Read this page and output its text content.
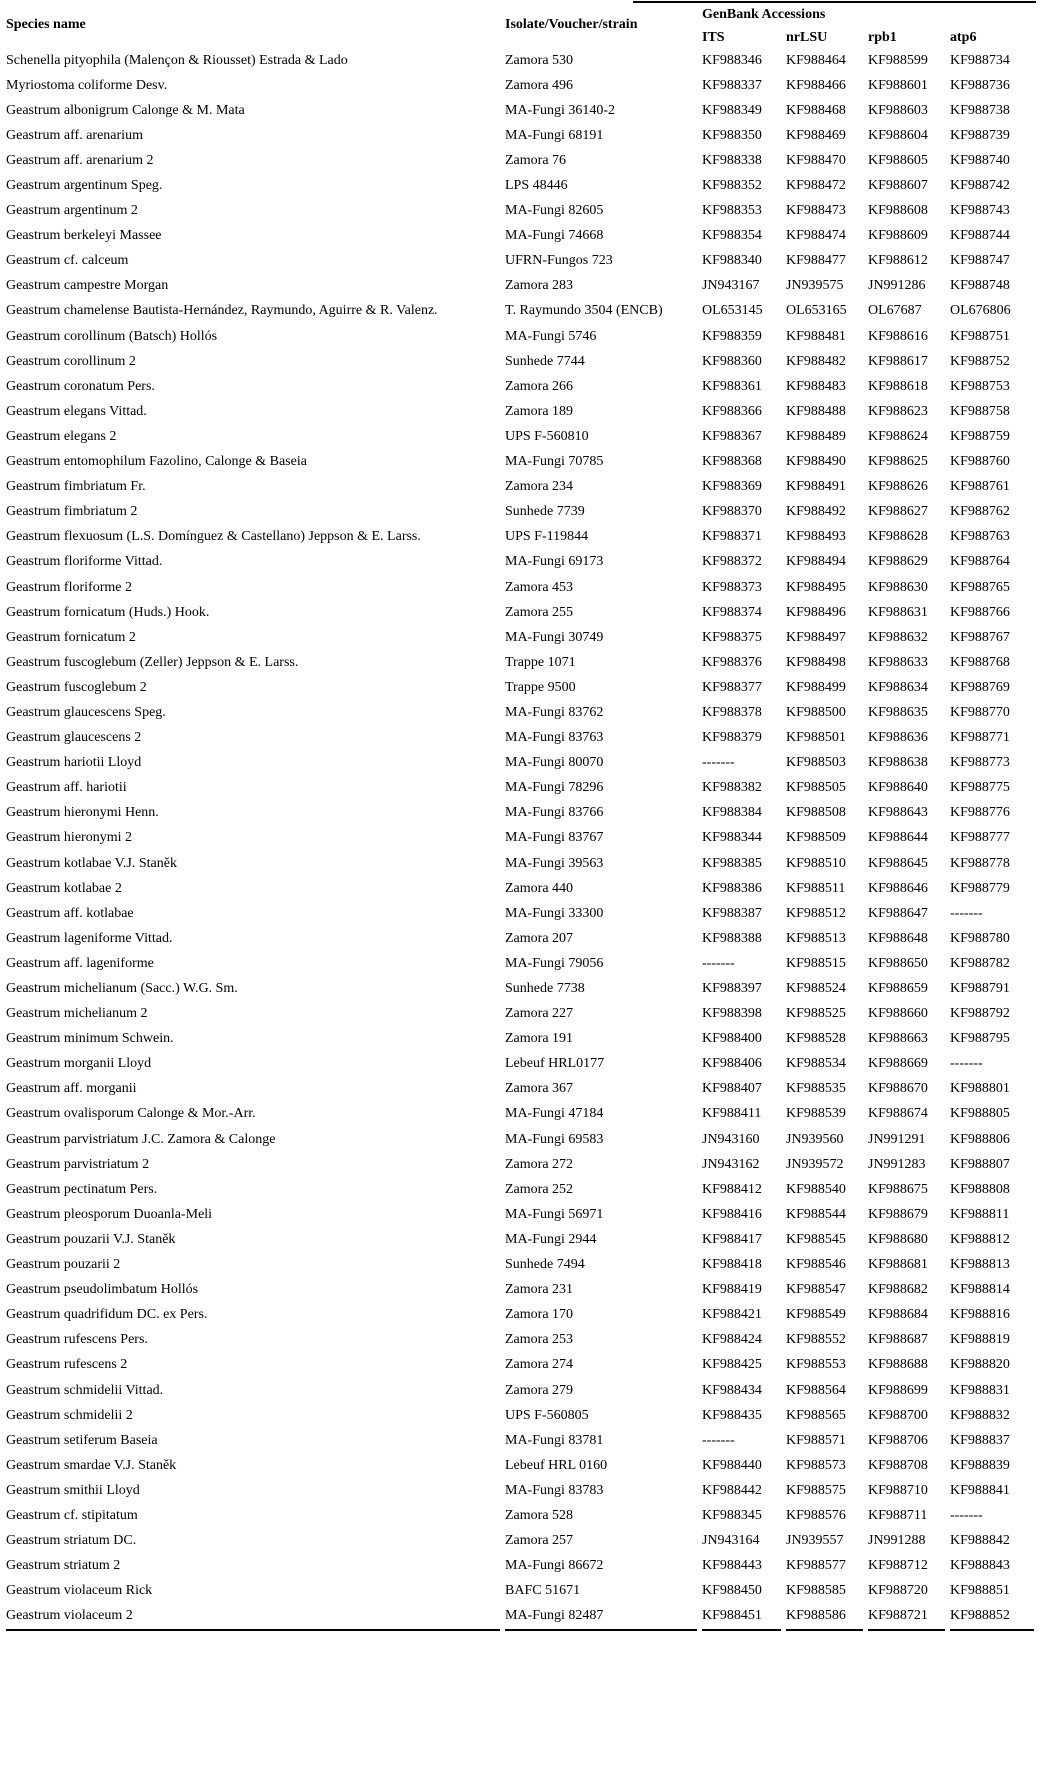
Species name	Isolate/Voucher/strain
GenBank Accessions
ITS	nrLSU	rpb1	atp6
Schenella pityophila (Malençon & Riousset) Estrada & Lado	Zamora 530	KF988346	KF988464	KF988599	KF988734
Myriostoma coliforme Desv.	Zamora 496	KF988337	KF988466	KF988601	KF988736
Geastrum albonigrum Calonge & M. Mata	MA-Fungi 36140-2	KF988349	KF988468	KF988603	KF988738
Geastrum aff. arenarium	MA-Fungi 68191	KF988350	KF988469	KF988604	KF988739
Geastrum aff. arenarium 2	Zamora 76	KF988338	KF988470	KF988605	KF988740
Geastrum argentinum Speg.	LPS 48446	KF988352	KF988472	KF988607	KF988742
Geastrum argentinum 2	MA-Fungi 82605	KF988353	KF988473	KF988608	KF988743
Geastrum berkeleyi Massee	MA-Fungi 74668	KF988354	KF988474	KF988609	KF988744
Geastrum cf. calceum	UFRN-Fungos 723	KF988340	KF988477	KF988612	KF988747
Geastrum campestre Morgan	Zamora 283	JN943167	JN939575	JN991286	KF988748
Geastrum chamelense Bautista-Hernández, Raymundo, Aguirre & R. Valenz.	T. Raymundo 3504 (ENCB)	OL653145	OL653165	OL67687	OL676806
Geastrum corollinum (Batsch) Hollós	MA-Fungi 5746	KF988359	KF988481	KF988616	KF988751
Geastrum corollinum 2	Sunhede 7744	KF988360	KF988482	KF988617	KF988752
Geastrum coronatum Pers.	Zamora 266	KF988361	KF988483	KF988618	KF988753
Geastrum elegans Vittad.	Zamora 189	KF988366	KF988488	KF988623	KF988758
Geastrum elegans 2	UPS F-560810	KF988367	KF988489	KF988624	KF988759
Geastrum entomophilum Fazolino, Calonge & Baseia	MA-Fungi 70785	KF988368	KF988490	KF988625	KF988760
Geastrum fimbriatum Fr.	Zamora 234	KF988369	KF988491	KF988626	KF988761
Geastrum fimbriatum 2	Sunhede 7739	KF988370	KF988492	KF988627	KF988762
Geastrum flexuosum (L.S. Domínguez & Castellano) Jeppson & E. Larss.	UPS F-119844	KF988371	KF988493	KF988628	KF988763
Geastrum floriforme Vittad.	MA-Fungi 69173	KF988372	KF988494	KF988629	KF988764
Geastrum floriforme 2	Zamora 453	KF988373	KF988495	KF988630	KF988765
Geastrum fornicatum (Huds.) Hook.	Zamora 255	KF988374	KF988496	KF988631	KF988766
Geastrum fornicatum 2	MA-Fungi 30749	KF988375	KF988497	KF988632	KF988767
Geastrum fuscoglebum (Zeller) Jeppson & E. Larss.	Trappe 1071	KF988376	KF988498	KF988633	KF988768
Geastrum fuscoglebum 2	Trappe 9500	KF988377	KF988499	KF988634	KF988769
Geastrum glaucescens Speg.	MA-Fungi 83762	KF988378	KF988500	KF988635	KF988770
Geastrum glaucescens 2	MA-Fungi 83763	KF988379	KF988501	KF988636	KF988771
Geastrum hariotii Lloyd	MA-Fungi 80070	-------	KF988503	KF988638	KF988773
Geastrum aff. hariotii	MA-Fungi 78296	KF988382	KF988505	KF988640	KF988775
Geastrum hieronymi Henn.	MA-Fungi 83766	KF988384	KF988508	KF988643	KF988776
Geastrum hieronymi 2	MA-Fungi 83767	KF988344	KF988509	KF988644	KF988777
Geastrum kotlabae V.J. Staněk	MA-Fungi 39563	KF988385	KF988510	KF988645	KF988778
Geastrum kotlabae 2	Zamora 440	KF988386	KF988511	KF988646	KF988779
Geastrum aff. kotlabae	MA-Fungi 33300	KF988387	KF988512	KF988647	-------
Geastrum lageniforme Vittad.	Zamora 207	KF988388	KF988513	KF988648	KF988780
Geastrum aff. lageniforme	MA-Fungi 79056	-------	KF988515	KF988650	KF988782
Geastrum michelianum (Sacc.) W.G. Sm.	Sunhede 7738	KF988397	KF988524	KF988659	KF988791
Geastrum michelianum 2	Zamora 227	KF988398	KF988525	KF988660	KF988792
Geastrum minimum Schwein.	Zamora 191	KF988400	KF988528	KF988663	KF988795
Geastrum morganii Lloyd	Lebeuf HRL0177	KF988406	KF988534	KF988669	-------
Geastrum aff. morganii	Zamora 367	KF988407	KF988535	KF988670	KF988801
Geastrum ovalisporum Calonge & Mor.-Arr.	MA-Fungi 47184	KF988411	KF988539	KF988674	KF988805
Geastrum parvistriatum J.C. Zamora & Calonge	MA-Fungi 69583	JN943160	JN939560	JN991291	KF988806
Geastrum parvistriatum 2	Zamora 272	JN943162	JN939572	JN991283	KF988807
Geastrum pectinatum Pers.	Zamora 252	KF988412	KF988540	KF988675	KF988808
Geastrum pleosporum Duoanla-Meli	MA-Fungi 56971	KF988416	KF988544	KF988679	KF988811
Geastrum pouzarii V.J. Staněk	MA-Fungi 2944	KF988417	KF988545	KF988680	KF988812
Geastrum pouzarii 2	Sunhede 7494	KF988418	KF988546	KF988681	KF988813
Geastrum pseudolimbatum Hollós	Zamora 231	KF988419	KF988547	KF988682	KF988814
Geastrum quadrifidum DC. ex Pers.	Zamora 170	KF988421	KF988549	KF988684	KF988816
Geastrum rufescens Pers.	Zamora 253	KF988424	KF988552	KF988687	KF988819
Geastrum rufescens 2	Zamora 274	KF988425	KF988553	KF988688	KF988820
Geastrum schmidelii Vittad.	Zamora 279	KF988434	KF988564	KF988699	KF988831
Geastrum schmidelii 2	UPS F-560805	KF988435	KF988565	KF988700	KF988832
Geastrum setiferum Baseia	MA-Fungi 83781	-------	KF988571	KF988706	KF988837
Geastrum smardae V.J. Staněk	Lebeuf HRL 0160	KF988440	KF988573	KF988708	KF988839
Geastrum smithii Lloyd	MA-Fungi 83783	KF988442	KF988575	KF988710	KF988841
Geastrum cf. stipitatum	Zamora 528	KF988345	KF988576	KF988711	-------
Geastrum striatum DC.	Zamora 257	JN943164	JN939557	JN991288	KF988842
Geastrum striatum 2	MA-Fungi 86672	KF988443	KF988577	KF988712	KF988843
Geastrum violaceum Rick	BAFC 51671	KF988450	KF988585	KF988720	KF988851
Geastrum violaceum 2	MA-Fungi 82487	KF988451	KF988586	KF988721	KF988852
